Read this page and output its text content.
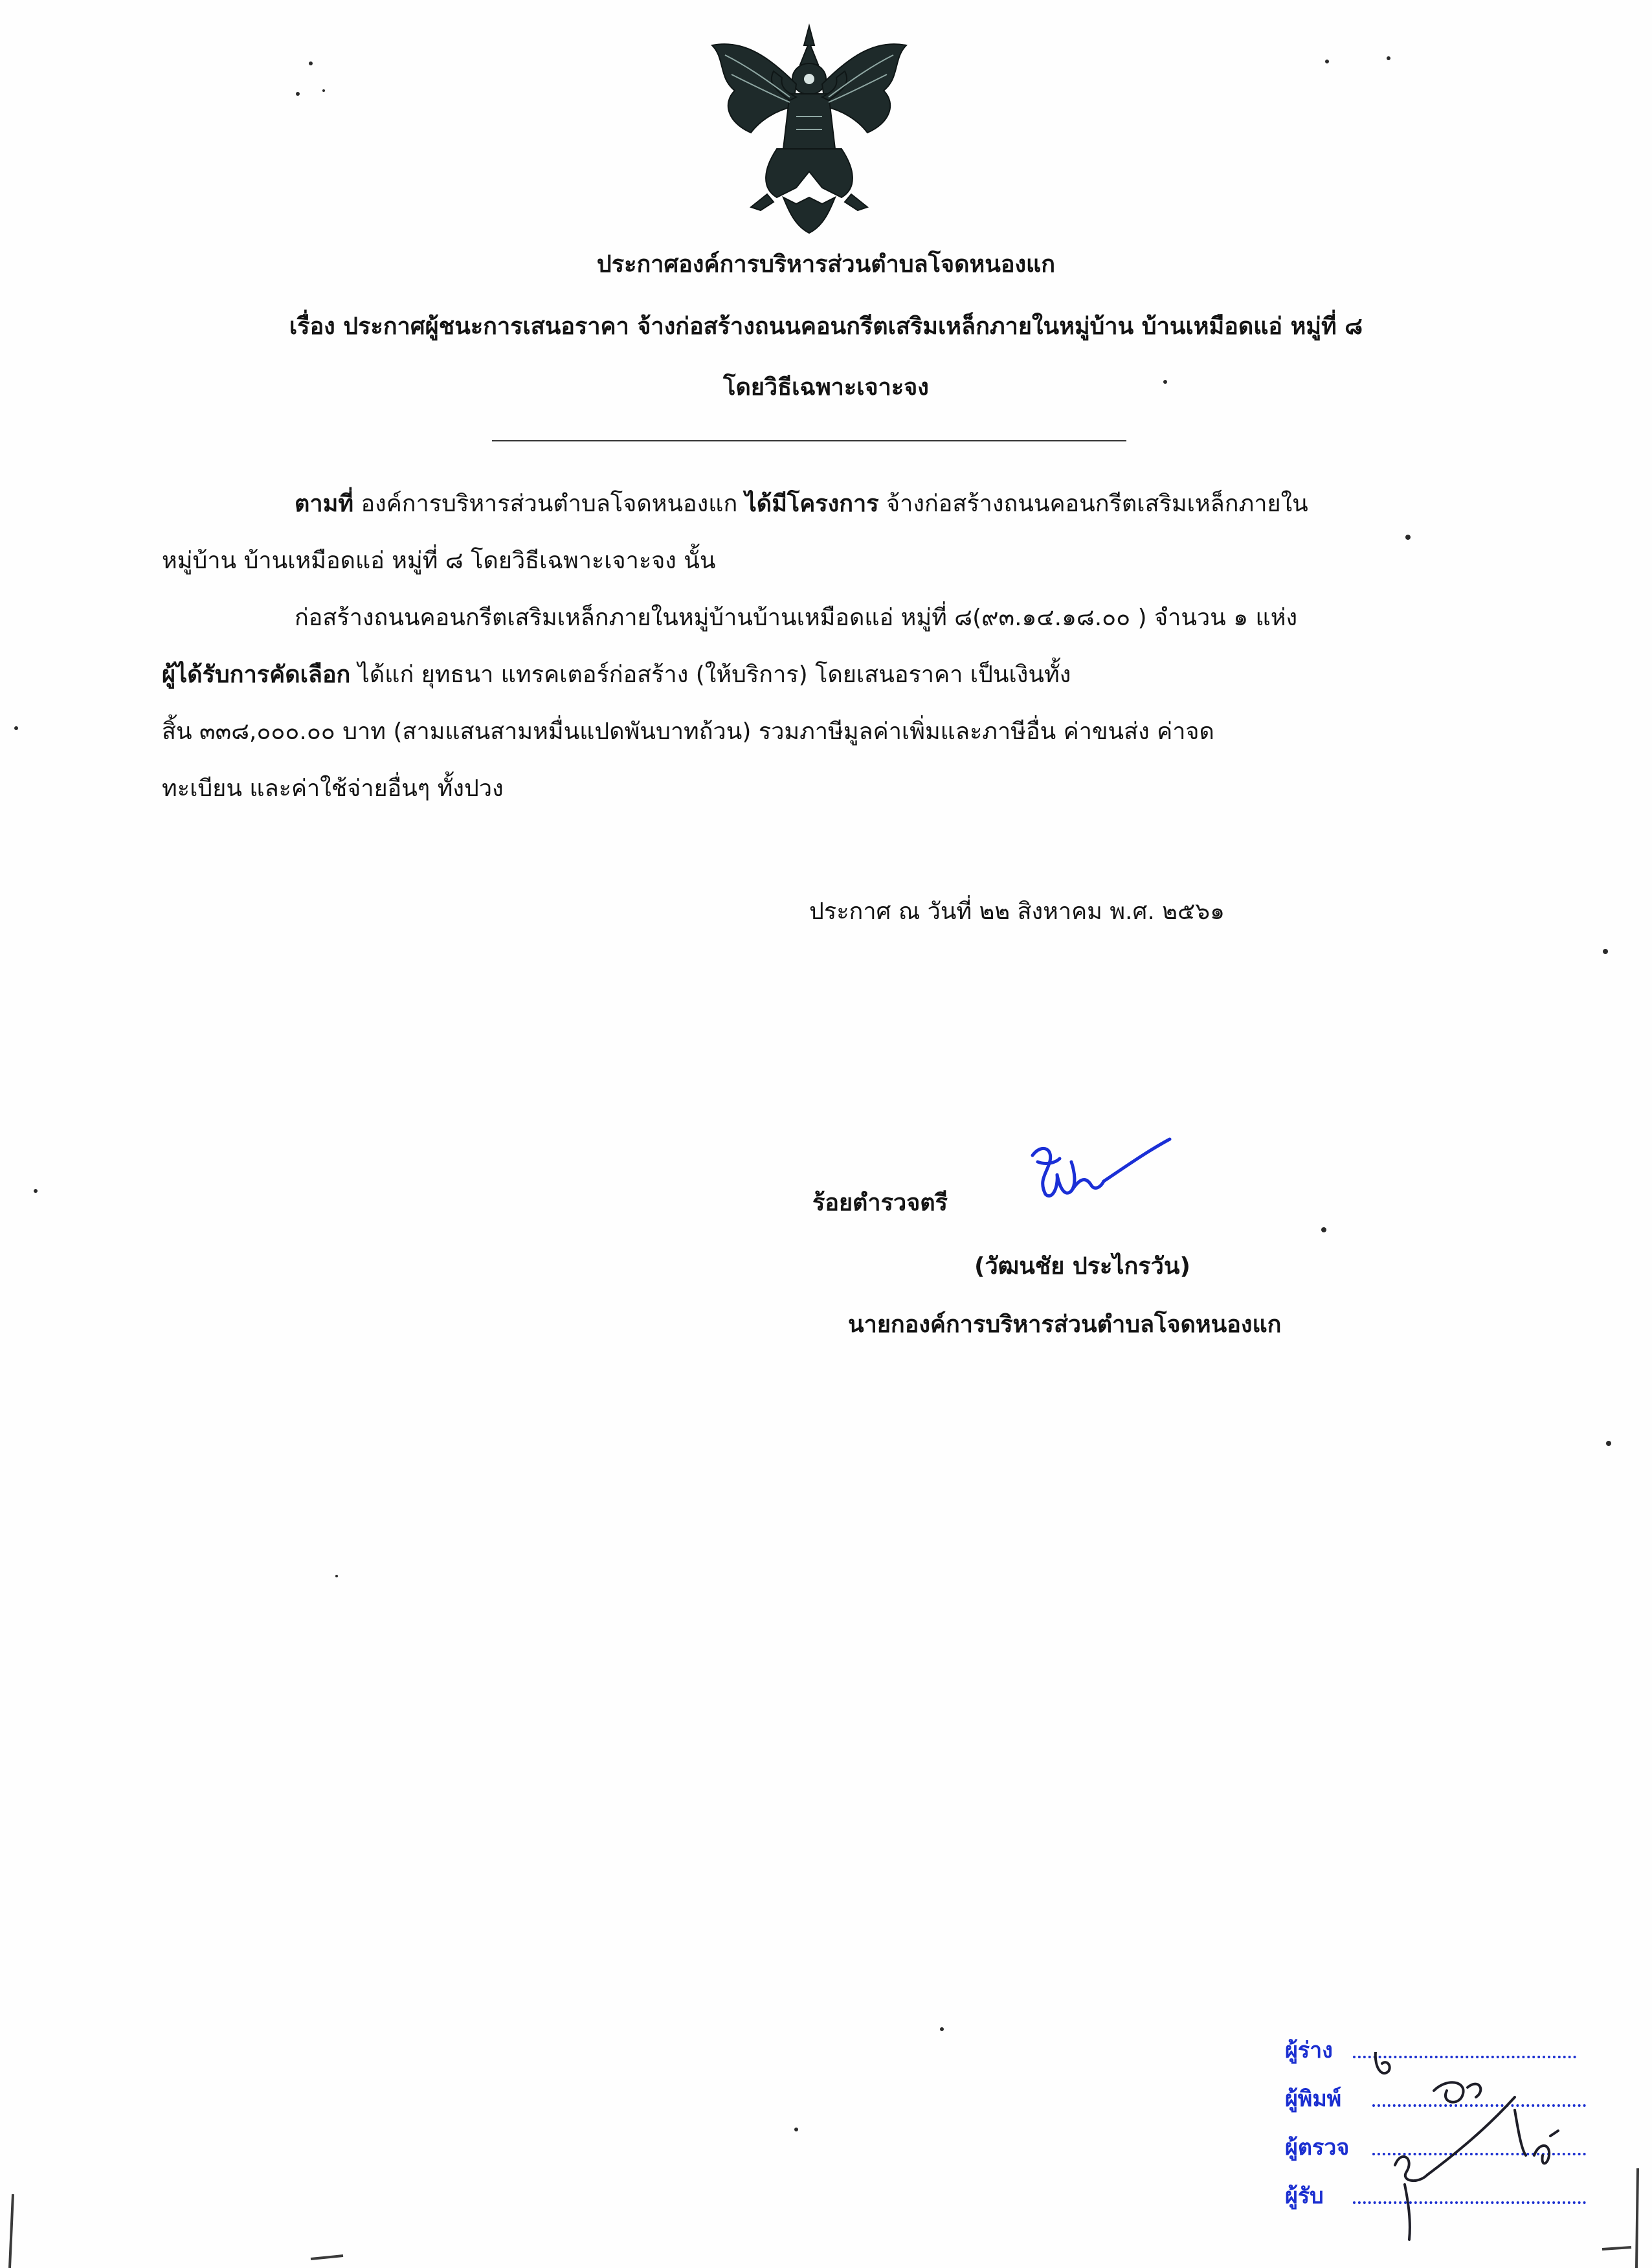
ประกาศองค์การบริหารส่วนตำบลโจดหนองแก
เรื่อง ประกาศผู้ชนะการเสนอราคา จ้างก่อสร้างถนนคอนกรีตเสริมเหล็กภายในหมู่บ้าน บ้านเหมือดแอ่ หมู่ที่ ๘
โดยวิธีเฉพาะเจาะจง
ตามที่ องค์การบริหารส่วนตำบลโจดหนองแก ได้มีโครงการ จ้างก่อสร้างถนนคอนกรีตเสริมเหล็กภายใน
หมู่บ้าน บ้านเหมือดแอ่ หมู่ที่ ๘ โดยวิธีเฉพาะเจาะจง นั้น
ก่อสร้างถนนคอนกรีตเสริมเหล็กภายในหมู่บ้านบ้านเหมือดแอ่ หมู่ที่ ๘(๙๓.๑๔.๑๘.๐๐ ) จำนวน ๑ แห่ง
ผู้ได้รับการคัดเลือก ได้แก่ ยุทธนา แทรคเตอร์ก่อสร้าง (ให้บริการ) โดยเสนอราคา เป็นเงินทั้ง
สิ้น ๓๓๘,๐๐๐.๐๐ บาท (สามแสนสามหมื่นแปดพันบาทถ้วน) รวมภาษีมูลค่าเพิ่มและภาษีอื่น ค่าขนส่ง ค่าจด
ทะเบียน และค่าใช้จ่ายอื่นๆ ทั้งปวง
ประกาศ ณ วันที่ ๒๒ สิงหาคม พ.ศ. ๒๕๖๑
ร้อยตำรวจตรี
(วัฒนชัย ประไกรวัน)
นายกองค์การบริหารส่วนตำบลโจดหนองแก
ผู้ร่าง
ผู้พิมพ์
ผู้ตรวจ
ผู้รับ
